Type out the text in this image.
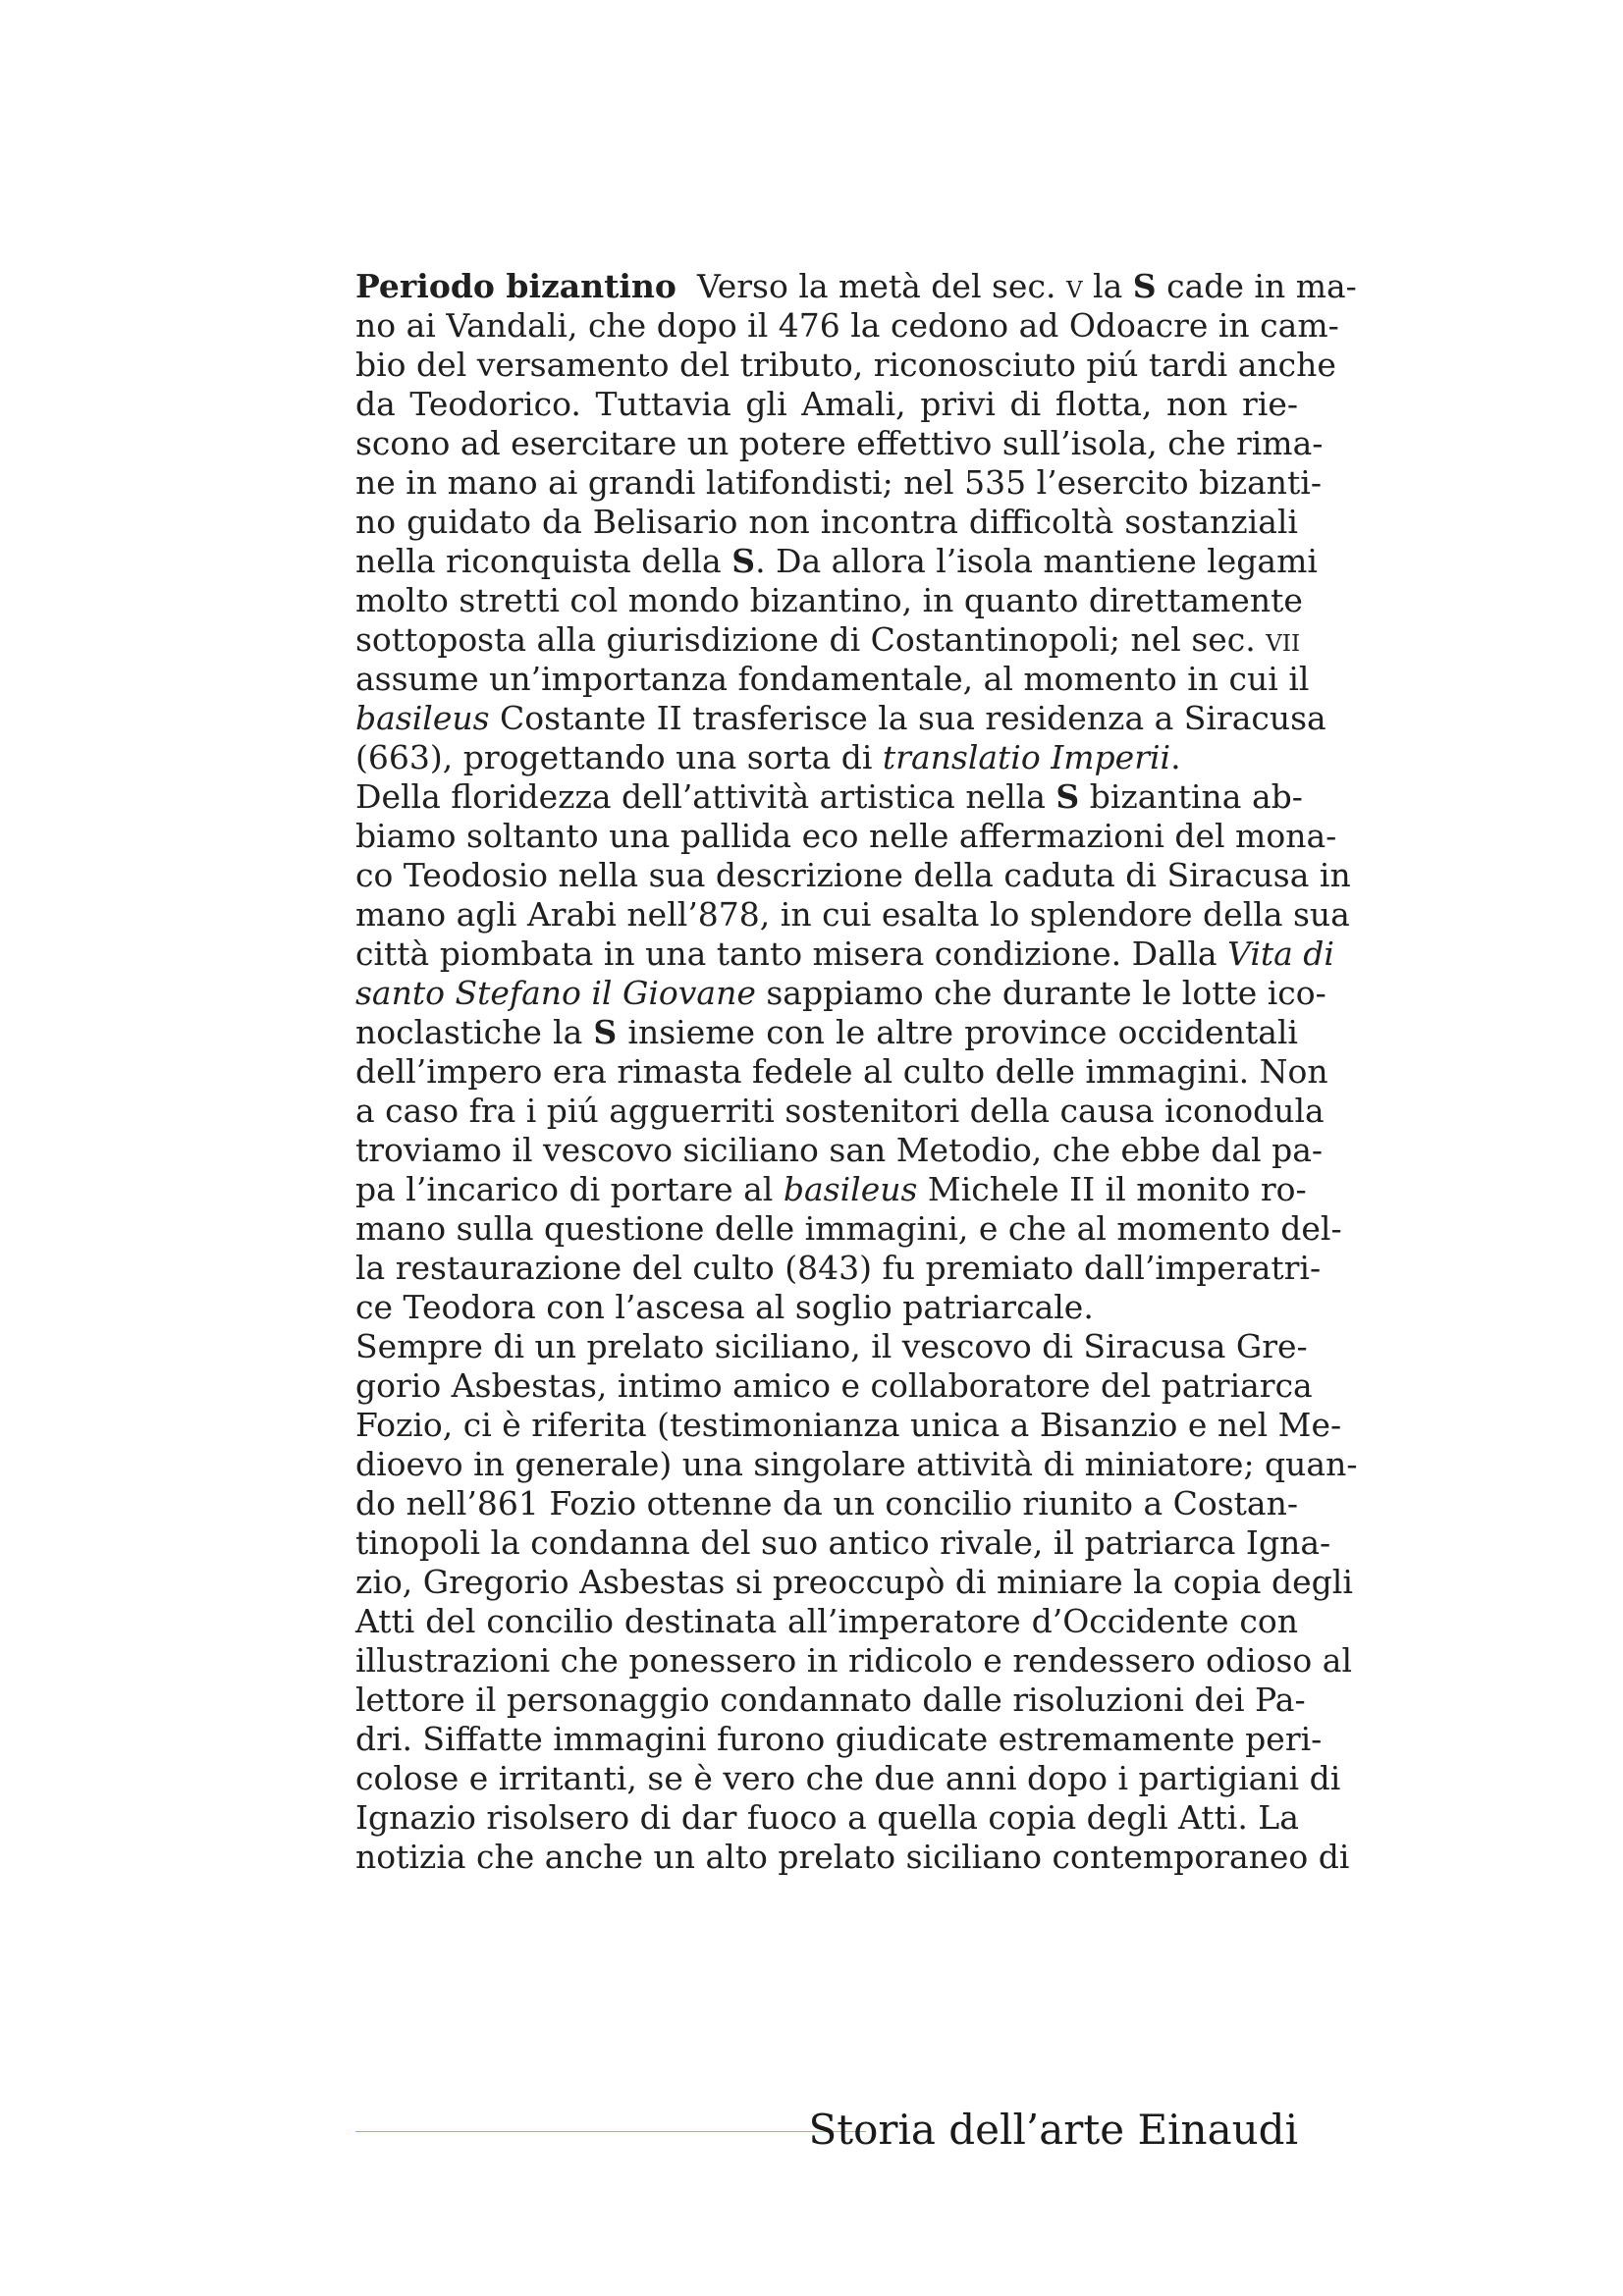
Periodo bizantino Verso la metà del sec. v la S cade in ma-
no ai Vandali, che dopo il 476 la cedono ad Odoacre in cam-
bio del versamento del tributo, riconosciuto piú tardi anche
da Teodorico. Tuttavia gli Amali, privi di flotta, non rie-
scono ad esercitare un potere effettivo sull’isola, che rima-
ne in mano ai grandi latifondisti; nel 535 l’esercito bizanti-
no guidato da Belisario non incontra difficoltà sostanziali
nella riconquista della S. Da allora l’isola mantiene legami
molto stretti col mondo bizantino, in quanto direttamente
sottoposta alla giurisdizione di Costantinopoli; nel sec. vii
assume un’importanza fondamentale, al momento in cui il
basileus Costante II trasferisce la sua residenza a Siracusa
(663), progettando una sorta di translatio Imperii.

Della floridezza dell’attività artistica nella S bizantina ab-
biamo soltanto una pallida eco nelle affermazioni del mona-
co Teodosio nella sua descrizione della caduta di Siracusa in
mano agli Arabi nell’878, in cui esalta lo splendore della sua
città piombata in una tanto misera condizione. Dalla Vita di
santo Stefano il Giovane sappiamo che durante le lotte ico-
noclastiche la S insieme con le altre province occidentali
dell’impero era rimasta fedele al culto delle immagini. Non
a caso fra i piú agguerriti sostenitori della causa iconodula
troviamo il vescovo siciliano san Metodio, che ebbe dal pa-
pa l’incarico di portare al basileus Michele II il monito ro-
mano sulla questione delle immagini, e che al momento del-
la restaurazione del culto (843) fu premiato dall’imperatri-
ce Teodora con l’ascesa al soglio patriarcale.

Sempre di un prelato siciliano, il vescovo di Siracusa Gre-
gorio Asbestas, intimo amico e collaboratore del patriarca
Fozio, ci è riferita (testimonianza unica a Bisanzio e nel Me-
dioevo in generale) una singolare attività di miniatore; quan-
do nell’861 Fozio ottenne da un concilio riunito a Costan-
tinopoli la condanna del suo antico rivale, il patriarca Igna-
zio, Gregorio Asbestas si preoccupò di miniare la copia degli
Atti del concilio destinata all’imperatore d’Occidente con
illustrazioni che ponessero in ridicolo e rendessero odioso al
lettore il personaggio condannato dalle risoluzioni dei Pa-
dri. Siffatte immagini furono giudicate estremamente peri-
colose e irritanti, se è vero che due anni dopo i partigiani di
Ignazio risolsero di dar fuoco a quella copia degli Atti. La
notizia che anche un alto prelato siciliano contemporaneo di

Storia dell’arte Einaudi
